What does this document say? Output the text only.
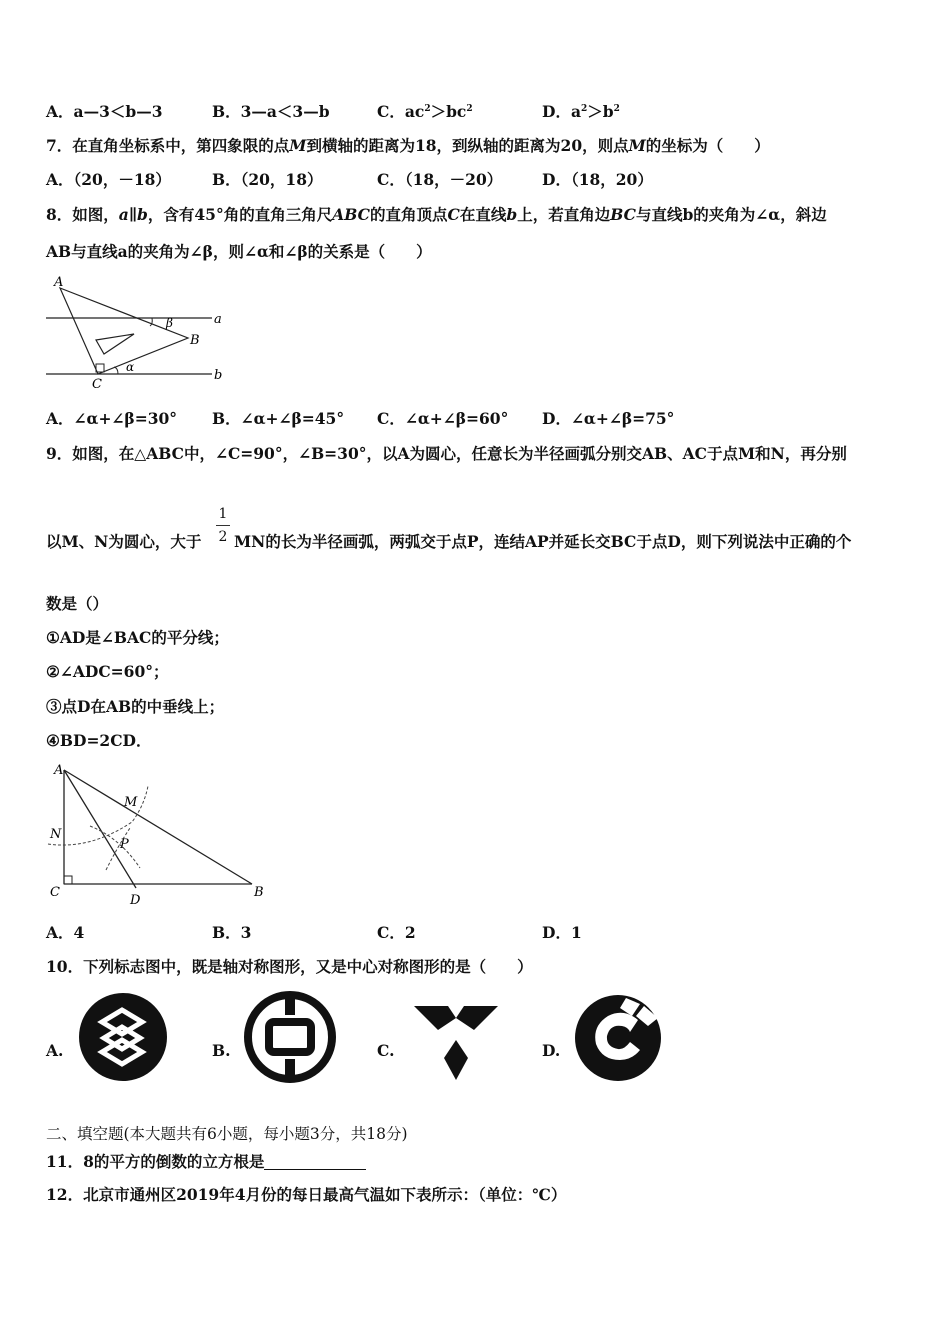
A．a—3＜b—3	B．3—a＜3—b	C．$ac^2>bc^2$	D．$a^2>b^2$
7．在直角坐标系中，第四象限的点M到横轴的距离为18，到纵轴的距离为20，则点M的坐标为（　　）
A．（20，－18）	B．（20，18）	C．（18，－20）	D．（18，20）
8．如图，a∥b，含有45°角的直角三角尺ABC的直角顶点C在直线b上，若直角边BC与直线b的夹角为∠α，斜边
AB与直线a的夹角为∠β，则∠α和∠β的关系是（　　）
A
B
C
a
b
α
β
A．∠α+∠β=30° B．∠α+∠β=45° C．∠α+∠β=60° D．∠α+∠β=75°
9．如图，在△ABC中，∠C=90°，∠B=30°，以A为圆心，任意长为半径画弧分别交AB、AC于点M和N，再分别
1
2
以M、N为圆心，大于 MN的长为半径画弧，两弧交于点P，连结AP并延长交BC于点D，则下列说法中正确的个
数是（）
①AD是∠BAC的平分线；
②∠ADC=60°；
③点D在AB的中垂线上；
④BD=2CD．
A
M
N
P
C
D
B
A．4	B．3	C．2	D．1
10．下列标志图中，既是轴对称图形，又是中心对称图形的是（　　）
A.	B.	C.	D.
二、填空题(本大题共有6小题，每小题3分，共18分)
11．8的平方的倒数的立方根是
12．北京市通州区2019年4月份的每日最高气温如下表所示：（单位：℃）
